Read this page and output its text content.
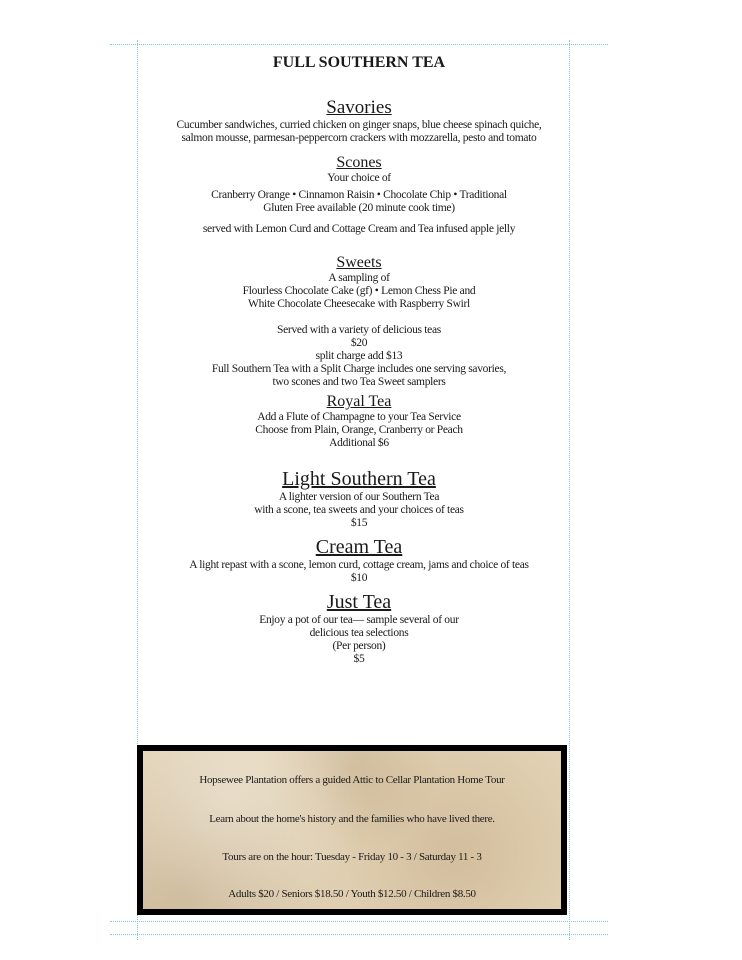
FULL SOUTHERN TEA
Savories
Cucumber sandwiches, curried chicken on ginger snaps, blue cheese spinach quiche,
salmon mousse, parmesan-peppercorn crackers with mozzarella, pesto and tomato
Scones
Your choice of
Cranberry Orange • Cinnamon Raisin • Chocolate Chip • Traditional
Gluten Free available (20 minute cook time)
served with Lemon Curd and Cottage Cream and Tea infused apple jelly
Sweets
A sampling of
Flourless Chocolate Cake (gf) • Lemon Chess Pie and
White Chocolate Cheesecake with Raspberry Swirl
Served with a variety of delicious teas
$20
split charge add $13
Full Southern Tea with a Split Charge includes one serving savories,
two scones and two Tea Sweet samplers
Royal Tea
Add a Flute of Champagne to your Tea Service
Choose from Plain, Orange, Cranberry or Peach
Additional $6
Light Southern Tea
A lighter version of our Southern Tea
with a scone, tea sweets and your choices of teas
$15
Cream Tea
A light repast with a scone, lemon curd, cottage cream, jams and choice of teas
$10
Just Tea
Enjoy a pot of our tea— sample several of our
delicious tea selections
(Per person)
$5
Hopsewee Plantation offers a guided Attic to Cellar Plantation Home Tour
Learn about the home's history and the families who have lived there.
Tours are on the hour: Tuesday - Friday 10 - 3 / Saturday 11 - 3
Adults $20 / Seniors $18.50 / Youth $12.50 / Children $8.50
